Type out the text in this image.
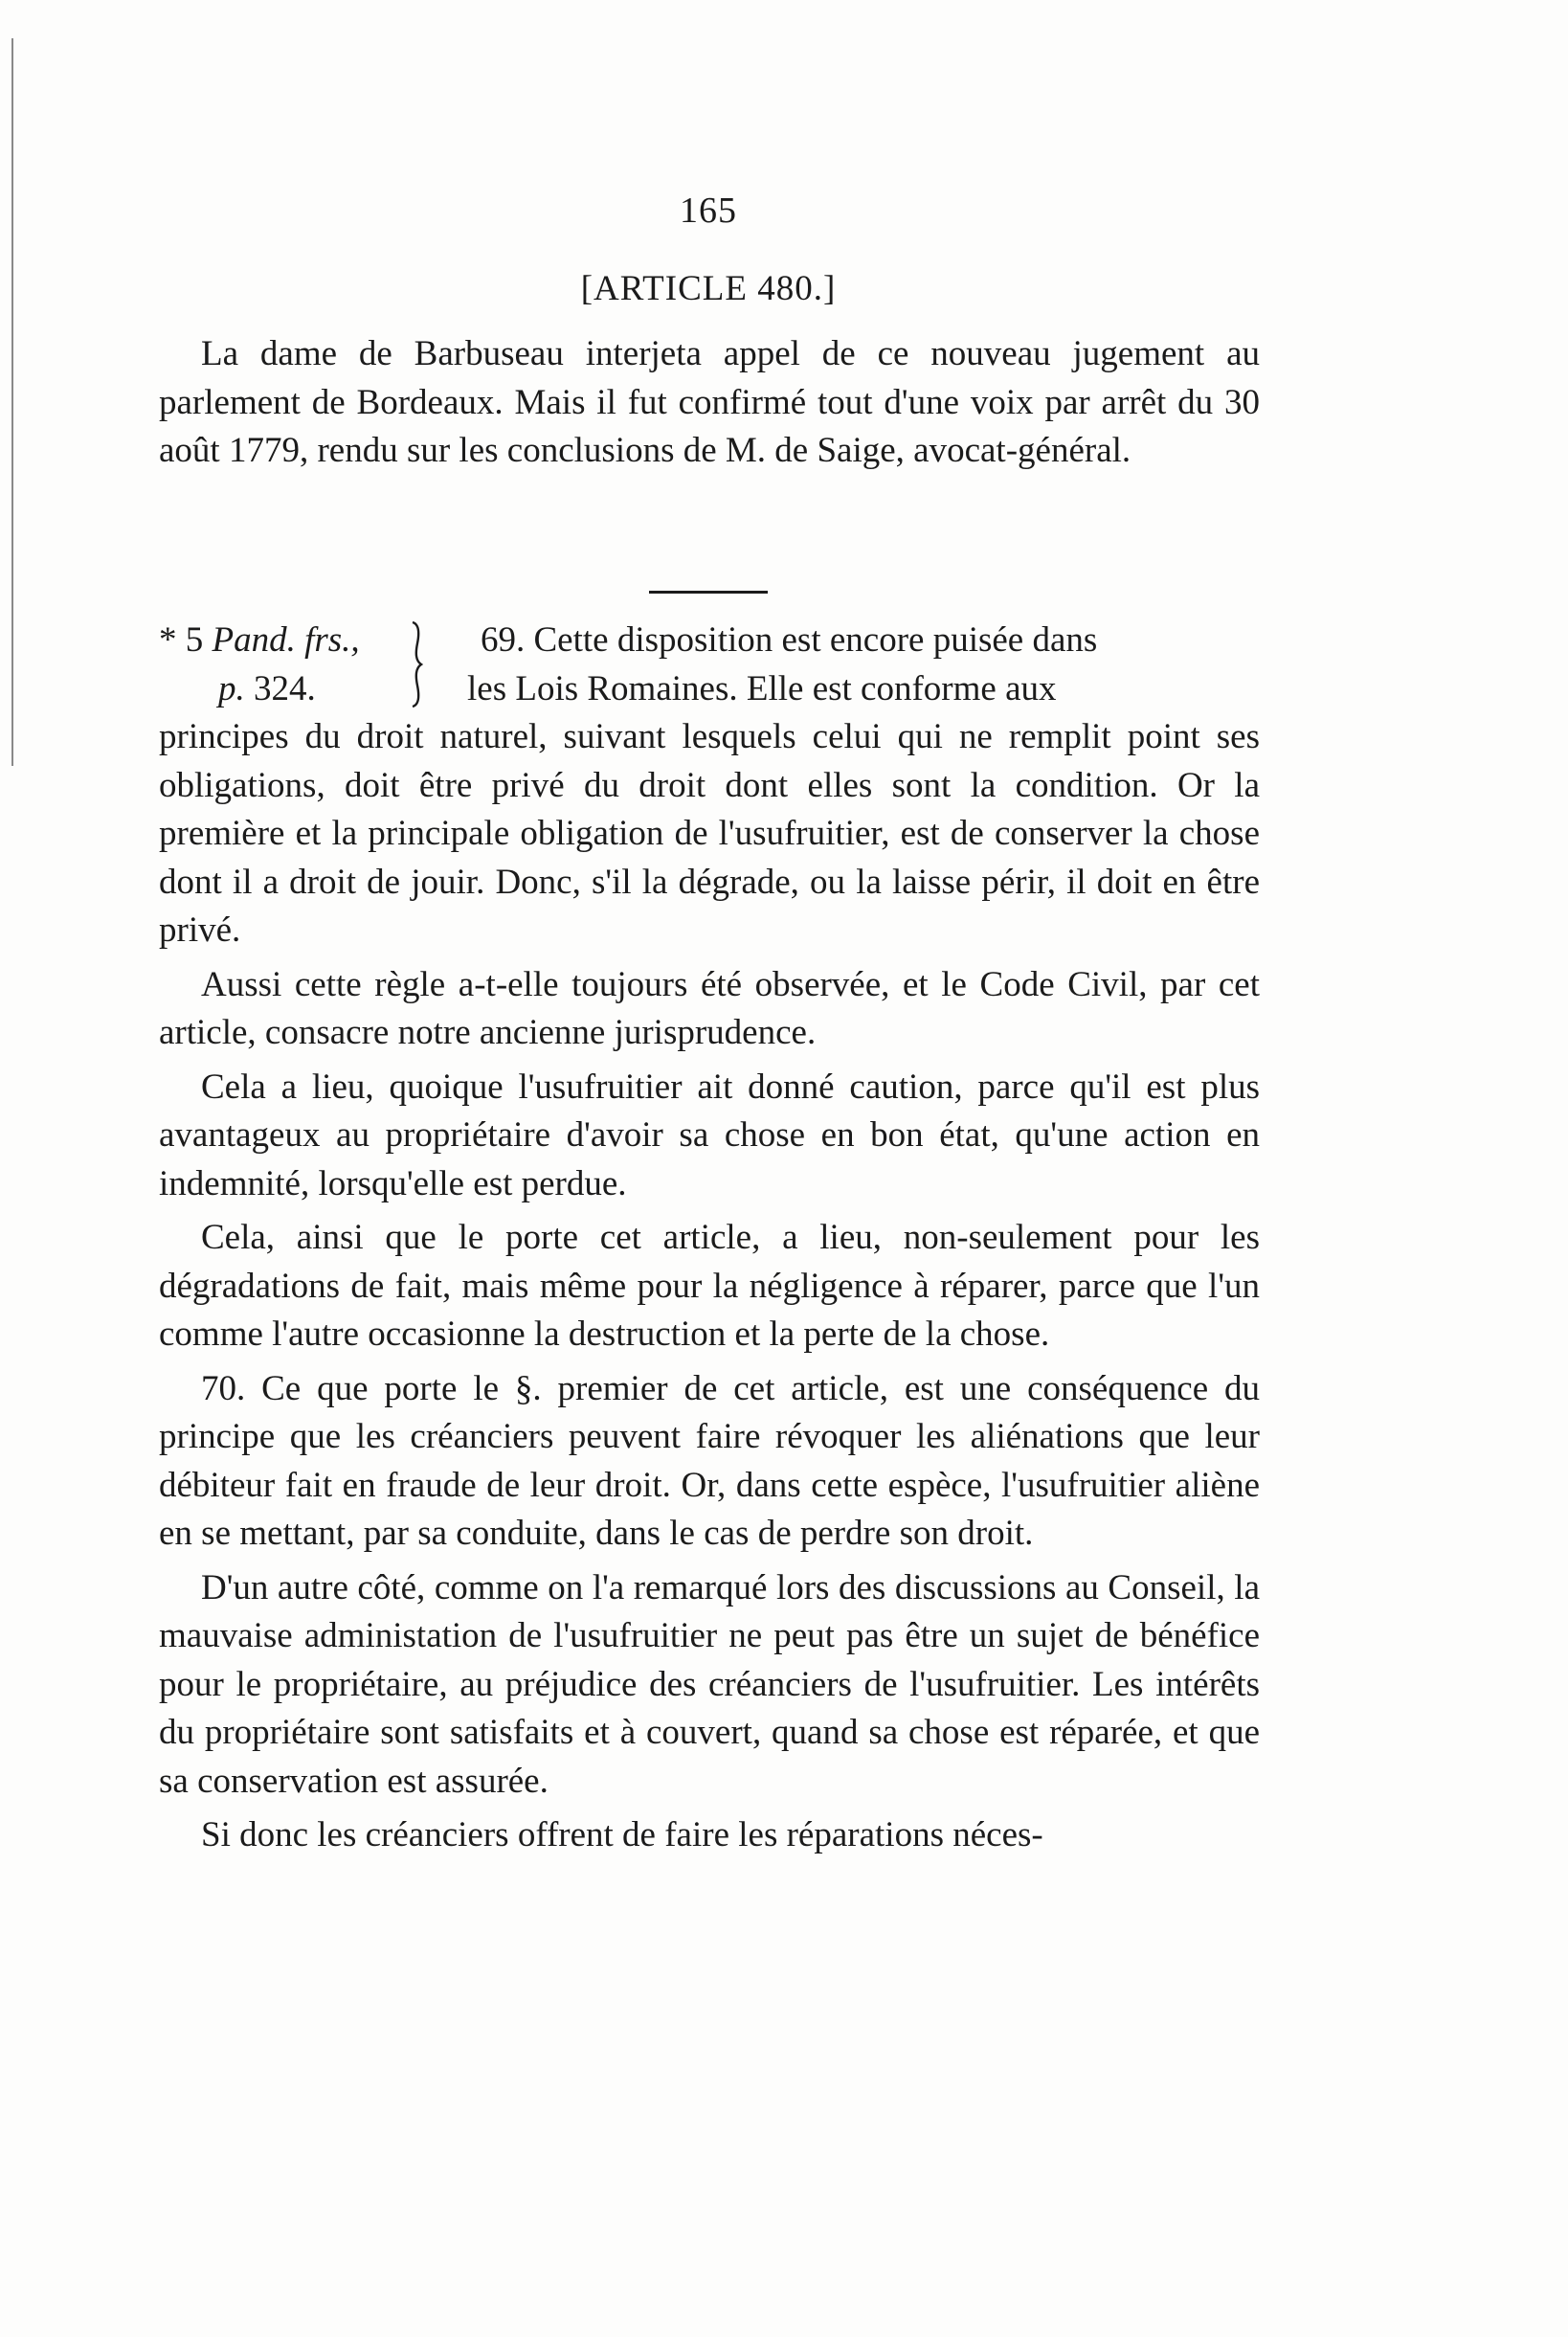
165
[ARTICLE 480.]

La dame de Barbuseau interjeta appel de ce nouveau jugement au parlement de Bordeaux. Mais il fut confirmé tout d'une voix par arrêt du 30 août 1779, rendu sur les conclusions de M. de Saige, avocat-général.

* 5 Pand. frs.,
p. 324.
69. Cette disposition est encore puisée dans
les Lois Romaines. Elle est conforme aux

principes du droit naturel, suivant lesquels celui qui ne remplit point ses obligations, doit être privé du droit dont elles sont la condition. Or la première et la principale obligation de l'usufruitier, est de conserver la chose dont il a droit de jouir. Donc, s'il la dégrade, ou la laisse périr, il doit en être privé.

Aussi cette règle a-t-elle toujours été observée, et le Code Civil, par cet article, consacre notre ancienne jurisprudence.

Cela a lieu, quoique l'usufruitier ait donné caution, parce qu'il est plus avantageux au propriétaire d'avoir sa chose en bon état, qu'une action en indemnité, lorsqu'elle est perdue.

Cela, ainsi que le porte cet article, a lieu, non-seulement pour les dégradations de fait, mais même pour la négligence à réparer, parce que l'un comme l'autre occasionne la destruction et la perte de la chose.

70. Ce que porte le §. premier de cet article, est une conséquence du principe que les créanciers peuvent faire révoquer les aliénations que leur débiteur fait en fraude de leur droit. Or, dans cette espèce, l'usufruitier aliène en se mettant, par sa conduite, dans le cas de perdre son droit.

D'un autre côté, comme on l'a remarqué lors des discussions au Conseil, la mauvaise administation de l'usufruitier ne peut pas être un sujet de bénéfice pour le propriétaire, au préjudice des créanciers de l'usufruitier. Les intérêts du propriétaire sont satisfaits et à couvert, quand sa chose est réparée, et que sa conservation est assurée.

Si donc les créanciers offrent de faire les réparations néces-
